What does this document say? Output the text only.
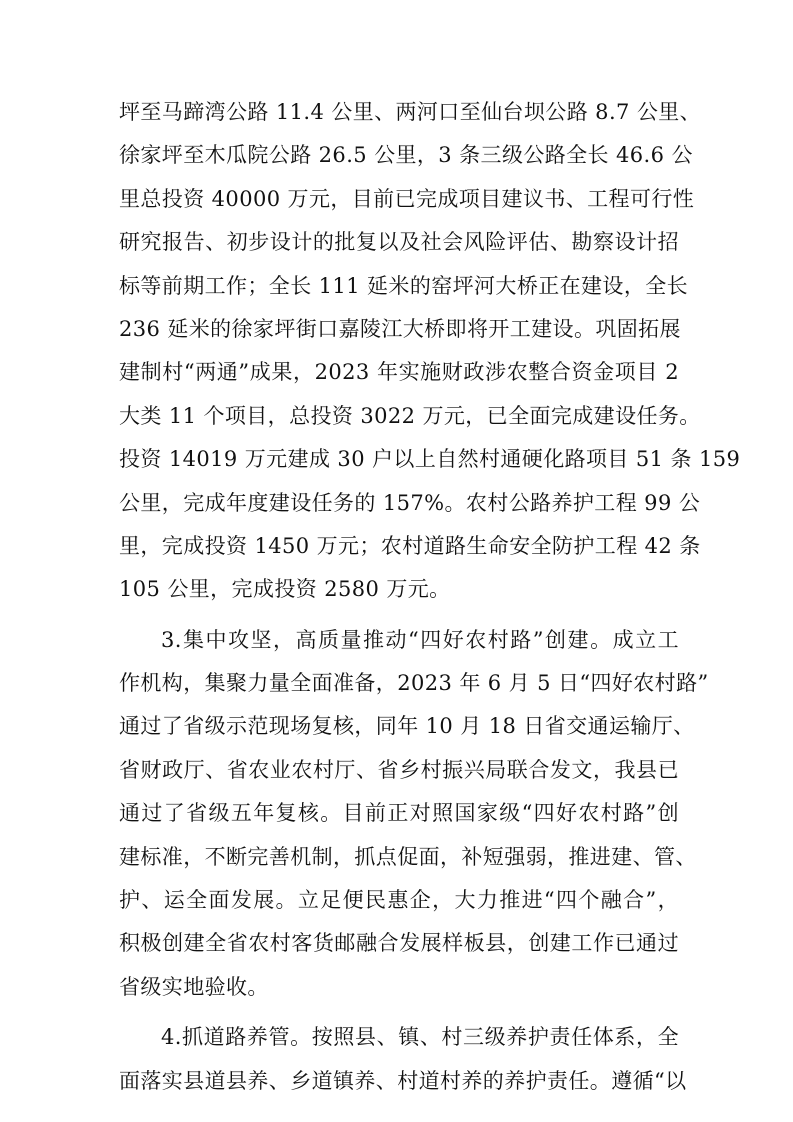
坪至马蹄湾公路 11.4 公里、两河口至仙台坝公路 8.7 公里、
徐家坪至木瓜院公路 26.5 公里，3 条三级公路全长 46.6 公
里总投资 40000 万元，目前已完成项目建议书、工程可行性
研究报告、初步设计的批复以及社会风险评估、勘察设计招
标等前期工作；全长 111 延米的窑坪河大桥正在建设，全长
236 延米的徐家坪街口嘉陵江大桥即将开工建设。巩固拓展
建制村“两通”成果，2023 年实施财政涉农整合资金项目 2
大类 11 个项目，总投资 3022 万元，已全面完成建设任务。
投资 14019 万元建成 30 户以上自然村通硬化路项目 51 条 159
公里，完成年度建设任务的 157%。农村公路养护工程 99 公
里，完成投资 1450 万元；农村道路生命安全防护工程 42 条
105 公里，完成投资 2580 万元。
3.集中攻坚，高质量推动“四好农村路”创建。成立工
作机构，集聚力量全面准备，2023 年 6 月 5 日“四好农村路”
通过了省级示范现场复核，同年 10 月 18 日省交通运输厅、
省财政厅、省农业农村厅、省乡村振兴局联合发文，我县已
通过了省级五年复核。目前正对照国家级“四好农村路”创
建标准，不断完善机制，抓点促面，补短强弱，推进建、管、
护、运全面发展。立足便民惠企，大力推进“四个融合”，
积极创建全省农村客货邮融合发展样板县，创建工作已通过
省级实地验收。
4.抓道路养管。按照县、镇、村三级养护责任体系，全
面落实县道县养、乡道镇养、村道村养的养护责任。遵循“以
